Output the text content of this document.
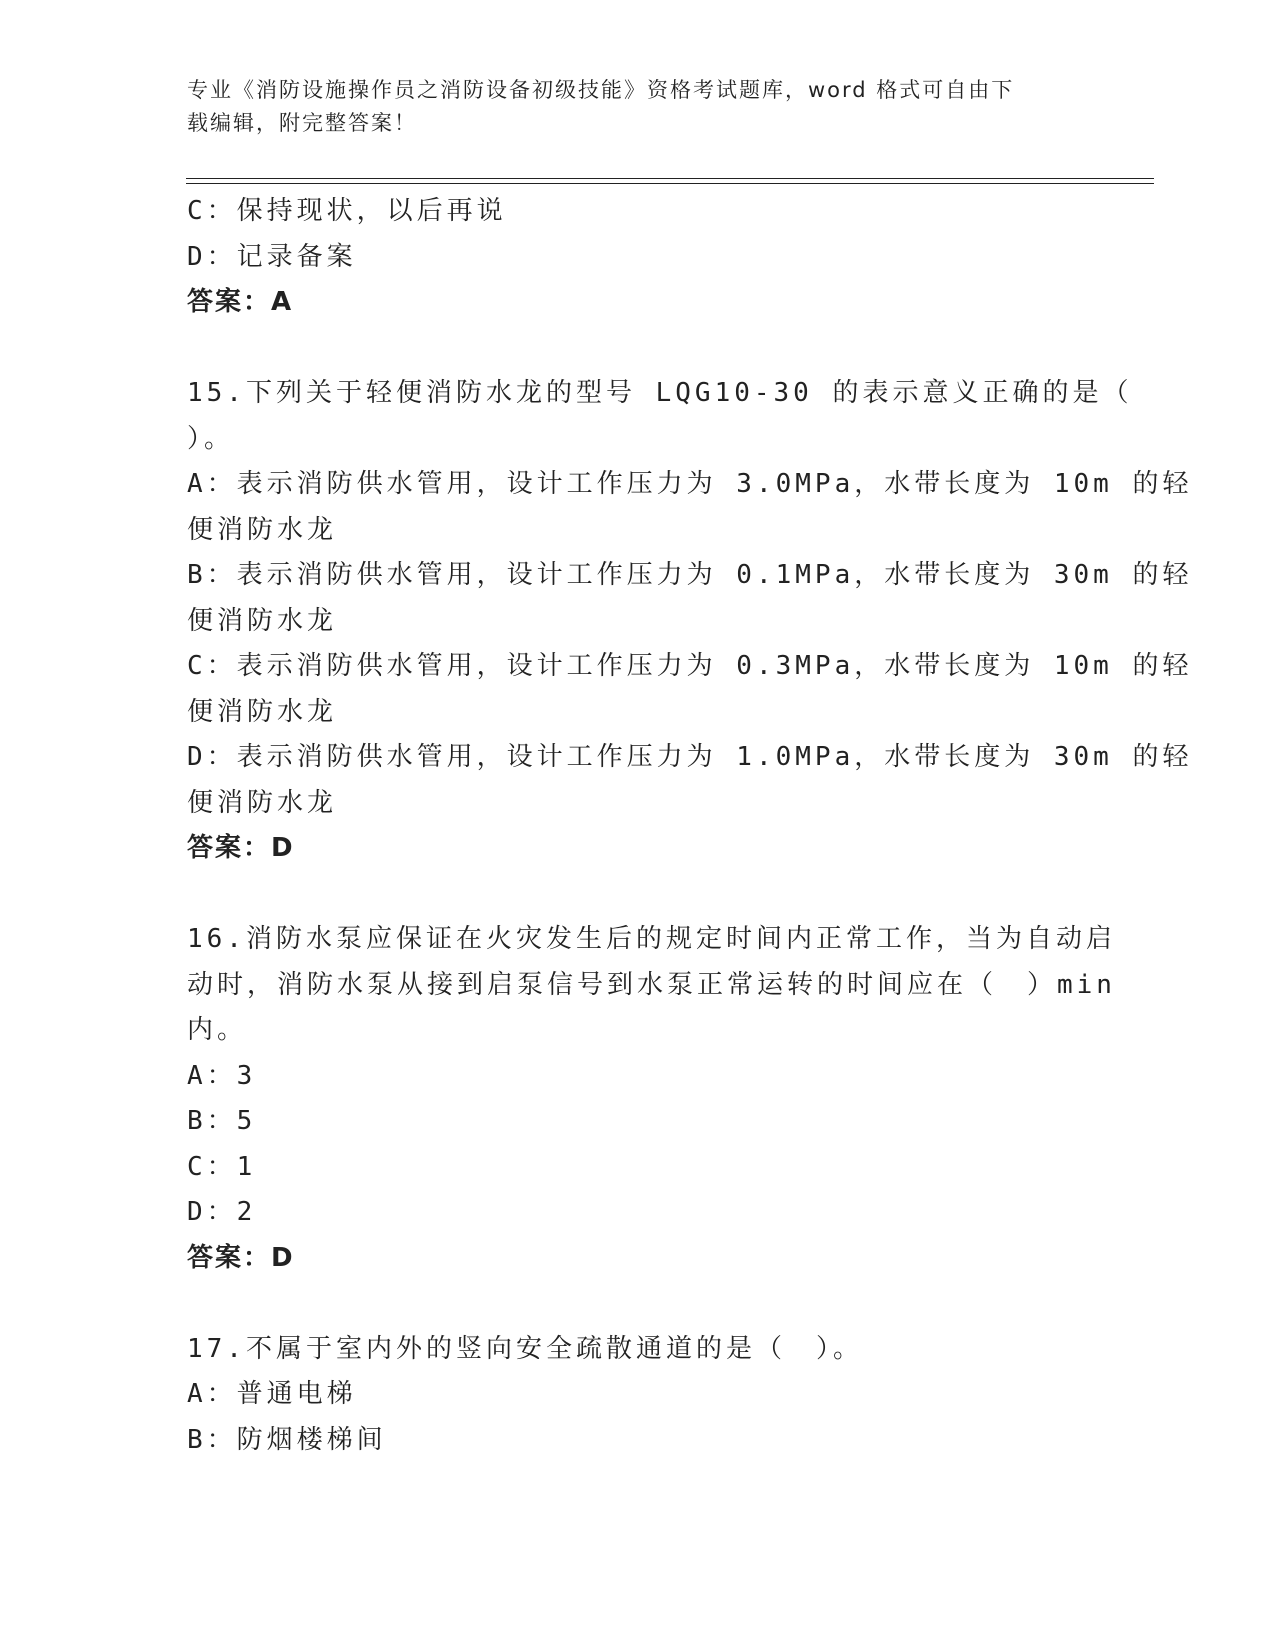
专业《消防设施操作员之消防设备初级技能》资格考试题库，word 格式可自由下
载编辑，附完整答案！
C：保持现状，以后再说
D：记录备案
答案：A
15.下列关于轻便消防水龙的型号 LQG10-30 的表示意义正确的是（
）。
A：表示消防供水管用，设计工作压力为 3.0MPa，水带长度为 10m 的轻
便消防水龙
B：表示消防供水管用，设计工作压力为 0.1MPa，水带长度为 30m 的轻
便消防水龙
C：表示消防供水管用，设计工作压力为 0.3MPa，水带长度为 10m 的轻
便消防水龙
D：表示消防供水管用，设计工作压力为 1.0MPa，水带长度为 30m 的轻
便消防水龙
答案：D
16.消防水泵应保证在火灾发生后的规定时间内正常工作，当为自动启
动时，消防水泵从接到启泵信号到水泵正常运转的时间应在（　）min
内。
A：3
B：5
C：1
D：2
答案：D
17.不属于室内外的竖向安全疏散通道的是（　）。
A：普通电梯
B：防烟楼梯间
